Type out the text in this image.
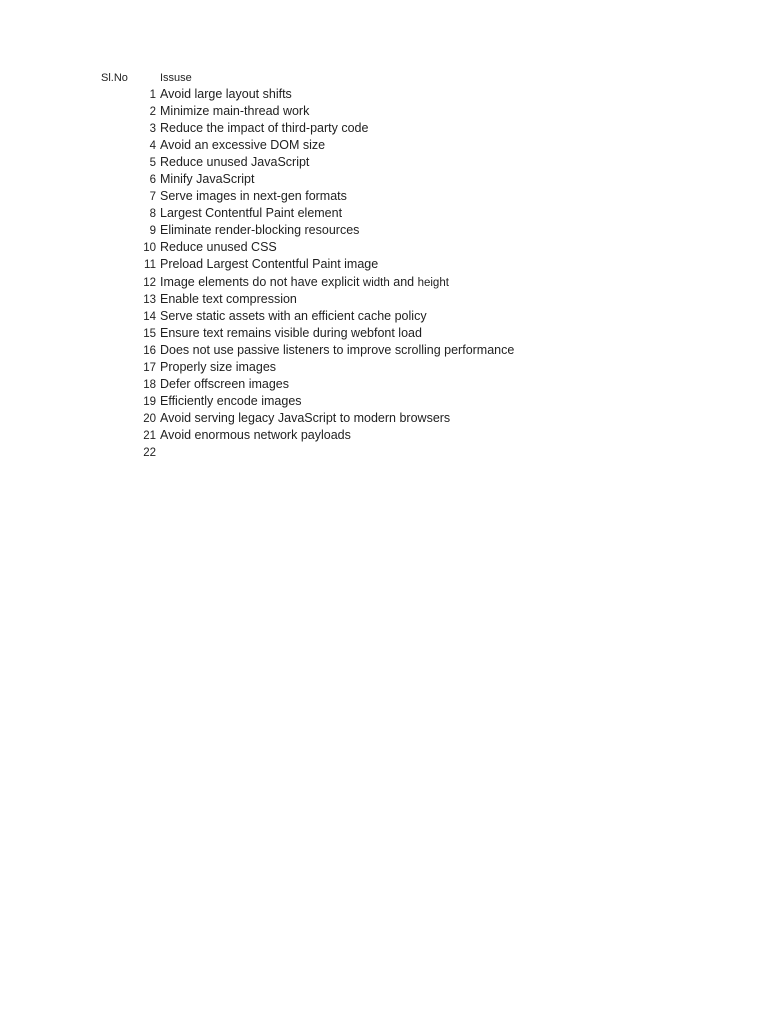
Sl.No	Issuse
1 Avoid large layout shifts
2 Minimize main-thread work
3 Reduce the impact of third-party code
4 Avoid an excessive DOM size
5 Reduce unused JavaScript
6 Minify JavaScript
7 Serve images in next-gen formats
8 Largest Contentful Paint element
9 Eliminate render-blocking resources
10 Reduce unused CSS
11 Preload Largest Contentful Paint image
12 Image elements do not have explicit width and height
13 Enable text compression
14 Serve static assets with an efficient cache policy
15 Ensure text remains visible during webfont load
16 Does not use passive listeners to improve scrolling performance
17 Properly size images
18 Defer offscreen images
19 Efficiently encode images
20 Avoid serving legacy JavaScript to modern browsers
21 Avoid enormous network payloads
22
